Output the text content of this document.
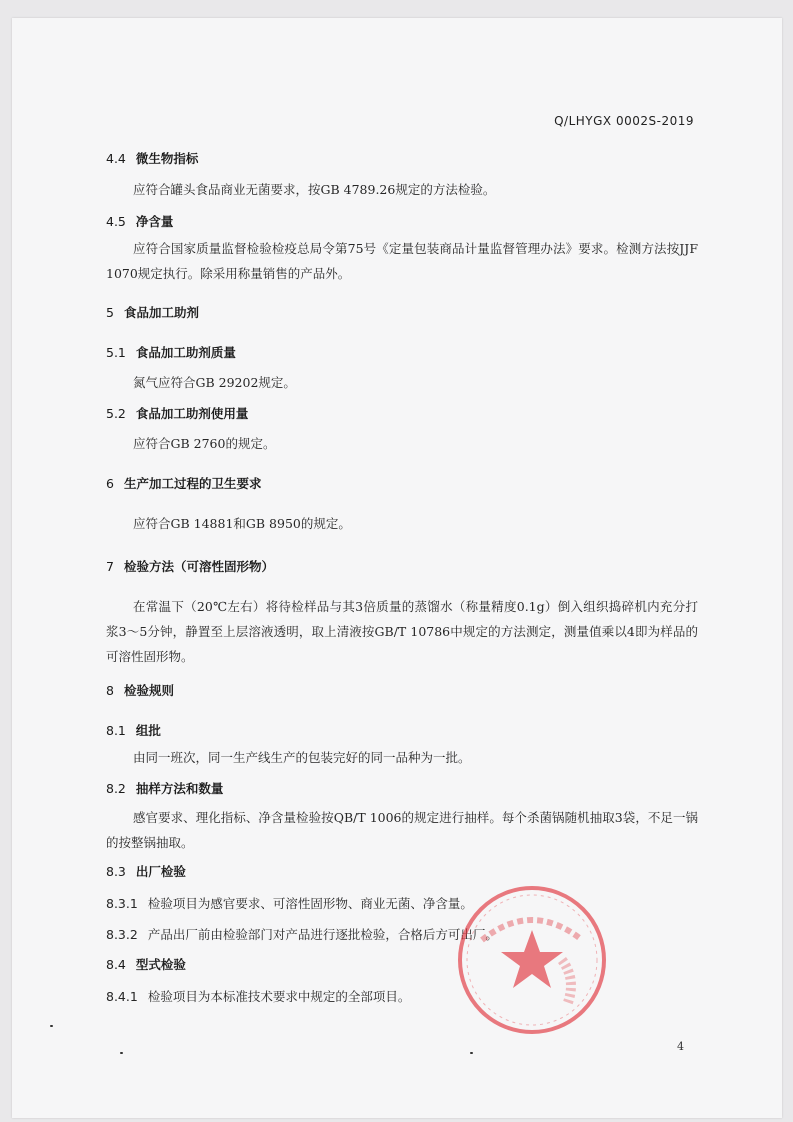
Q/LHYGX 0002S-2019
4.4 微生物指标
应符合罐头食品商业无菌要求，按GB 4789.26规定的方法检验。
4.5 净含量
应符合国家质量监督检验检疫总局令第75号《定量包装商品计量监督管理办法》要求。检测方法按JJF 1070规定执行。除采用称量销售的产品外。
5 食品加工助剂
5.1 食品加工助剂质量
氮气应符合GB 29202规定。
5.2 食品加工助剂使用量
应符合GB 2760的规定。
6 生产加工过程的卫生要求
应符合GB 14881和GB 8950的规定。
7 检验方法（可溶性固形物）
在常温下（20℃左右）将待检样品与其3倍质量的蒸馏水（称量精度0.1g）倒入组织捣碎机内充分打浆3～5分钟，静置至上层溶液透明，取上清液按GB/T 10786中规定的方法测定，测量值乘以4即为样品的可溶性固形物。
8 检验规则
8.1 组批
由同一班次，同一生产线生产的包装完好的同一品种为一批。
8.2 抽样方法和数量
感官要求、理化指标、净含量检验按QB/T 1006的规定进行抽样。每个杀菌锅随机抽取3袋，不足一锅的按整锅抽取。
8.3 出厂检验
8.3.1 检验项目为感官要求、可溶性固形物、商业无菌、净含量。
8.3.2 产品出厂前由检验部门对产品进行逐批检验，合格后方可出厂。
8.4 型式检验
8.4.1 检验项目为本标准技术要求中规定的全部项目。
4
